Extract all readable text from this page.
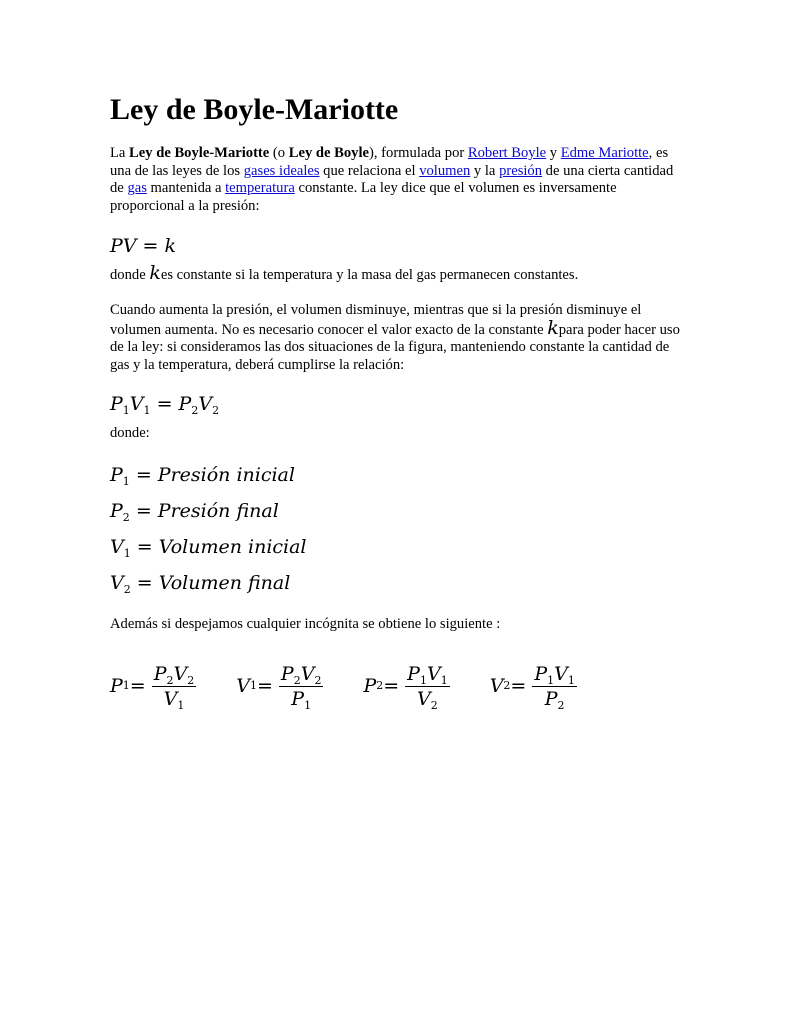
Ley de Boyle-Mariotte

La Ley de Boyle-Mariotte (o Ley de Boyle), formulada por Robert Boyle y Edme Mariotte, es una de las leyes de los gases ideales que relaciona el volumen y la presión de una cierta cantidad de gas mantenida a temperatura constante. La ley dice que el volumen es inversamente proporcional a la presión:

PV = k

donde kes constante si la temperatura y la masa del gas permanecen constantes.

Cuando aumenta la presión, el volumen disminuye, mientras que si la presión disminuye el volumen aumenta. No es necesario conocer el valor exacto de la constante kpara poder hacer uso de la ley: si consideramos las dos situaciones de la figura, manteniendo constante la cantidad de gas y la temperatura, deberá cumplirse la relación:

$P_1V_1 = P_2V_2$

donde:

$P_1$ = Presión inicial
$P_2$ = Presión final
$V_1$ = Volumen inicial
$V_2$ = Volumen final

Además si despejamos cualquier incógnita se obtiene lo siguiente :

P $1 = \frac{P_2V_2}{V_1}$ V $1 = \frac{P_2V_2}{P_1}$ P $2 = \frac{P_1V_1}{V_2}$ V $2 = \frac{P_1V_1}{P_2}$
